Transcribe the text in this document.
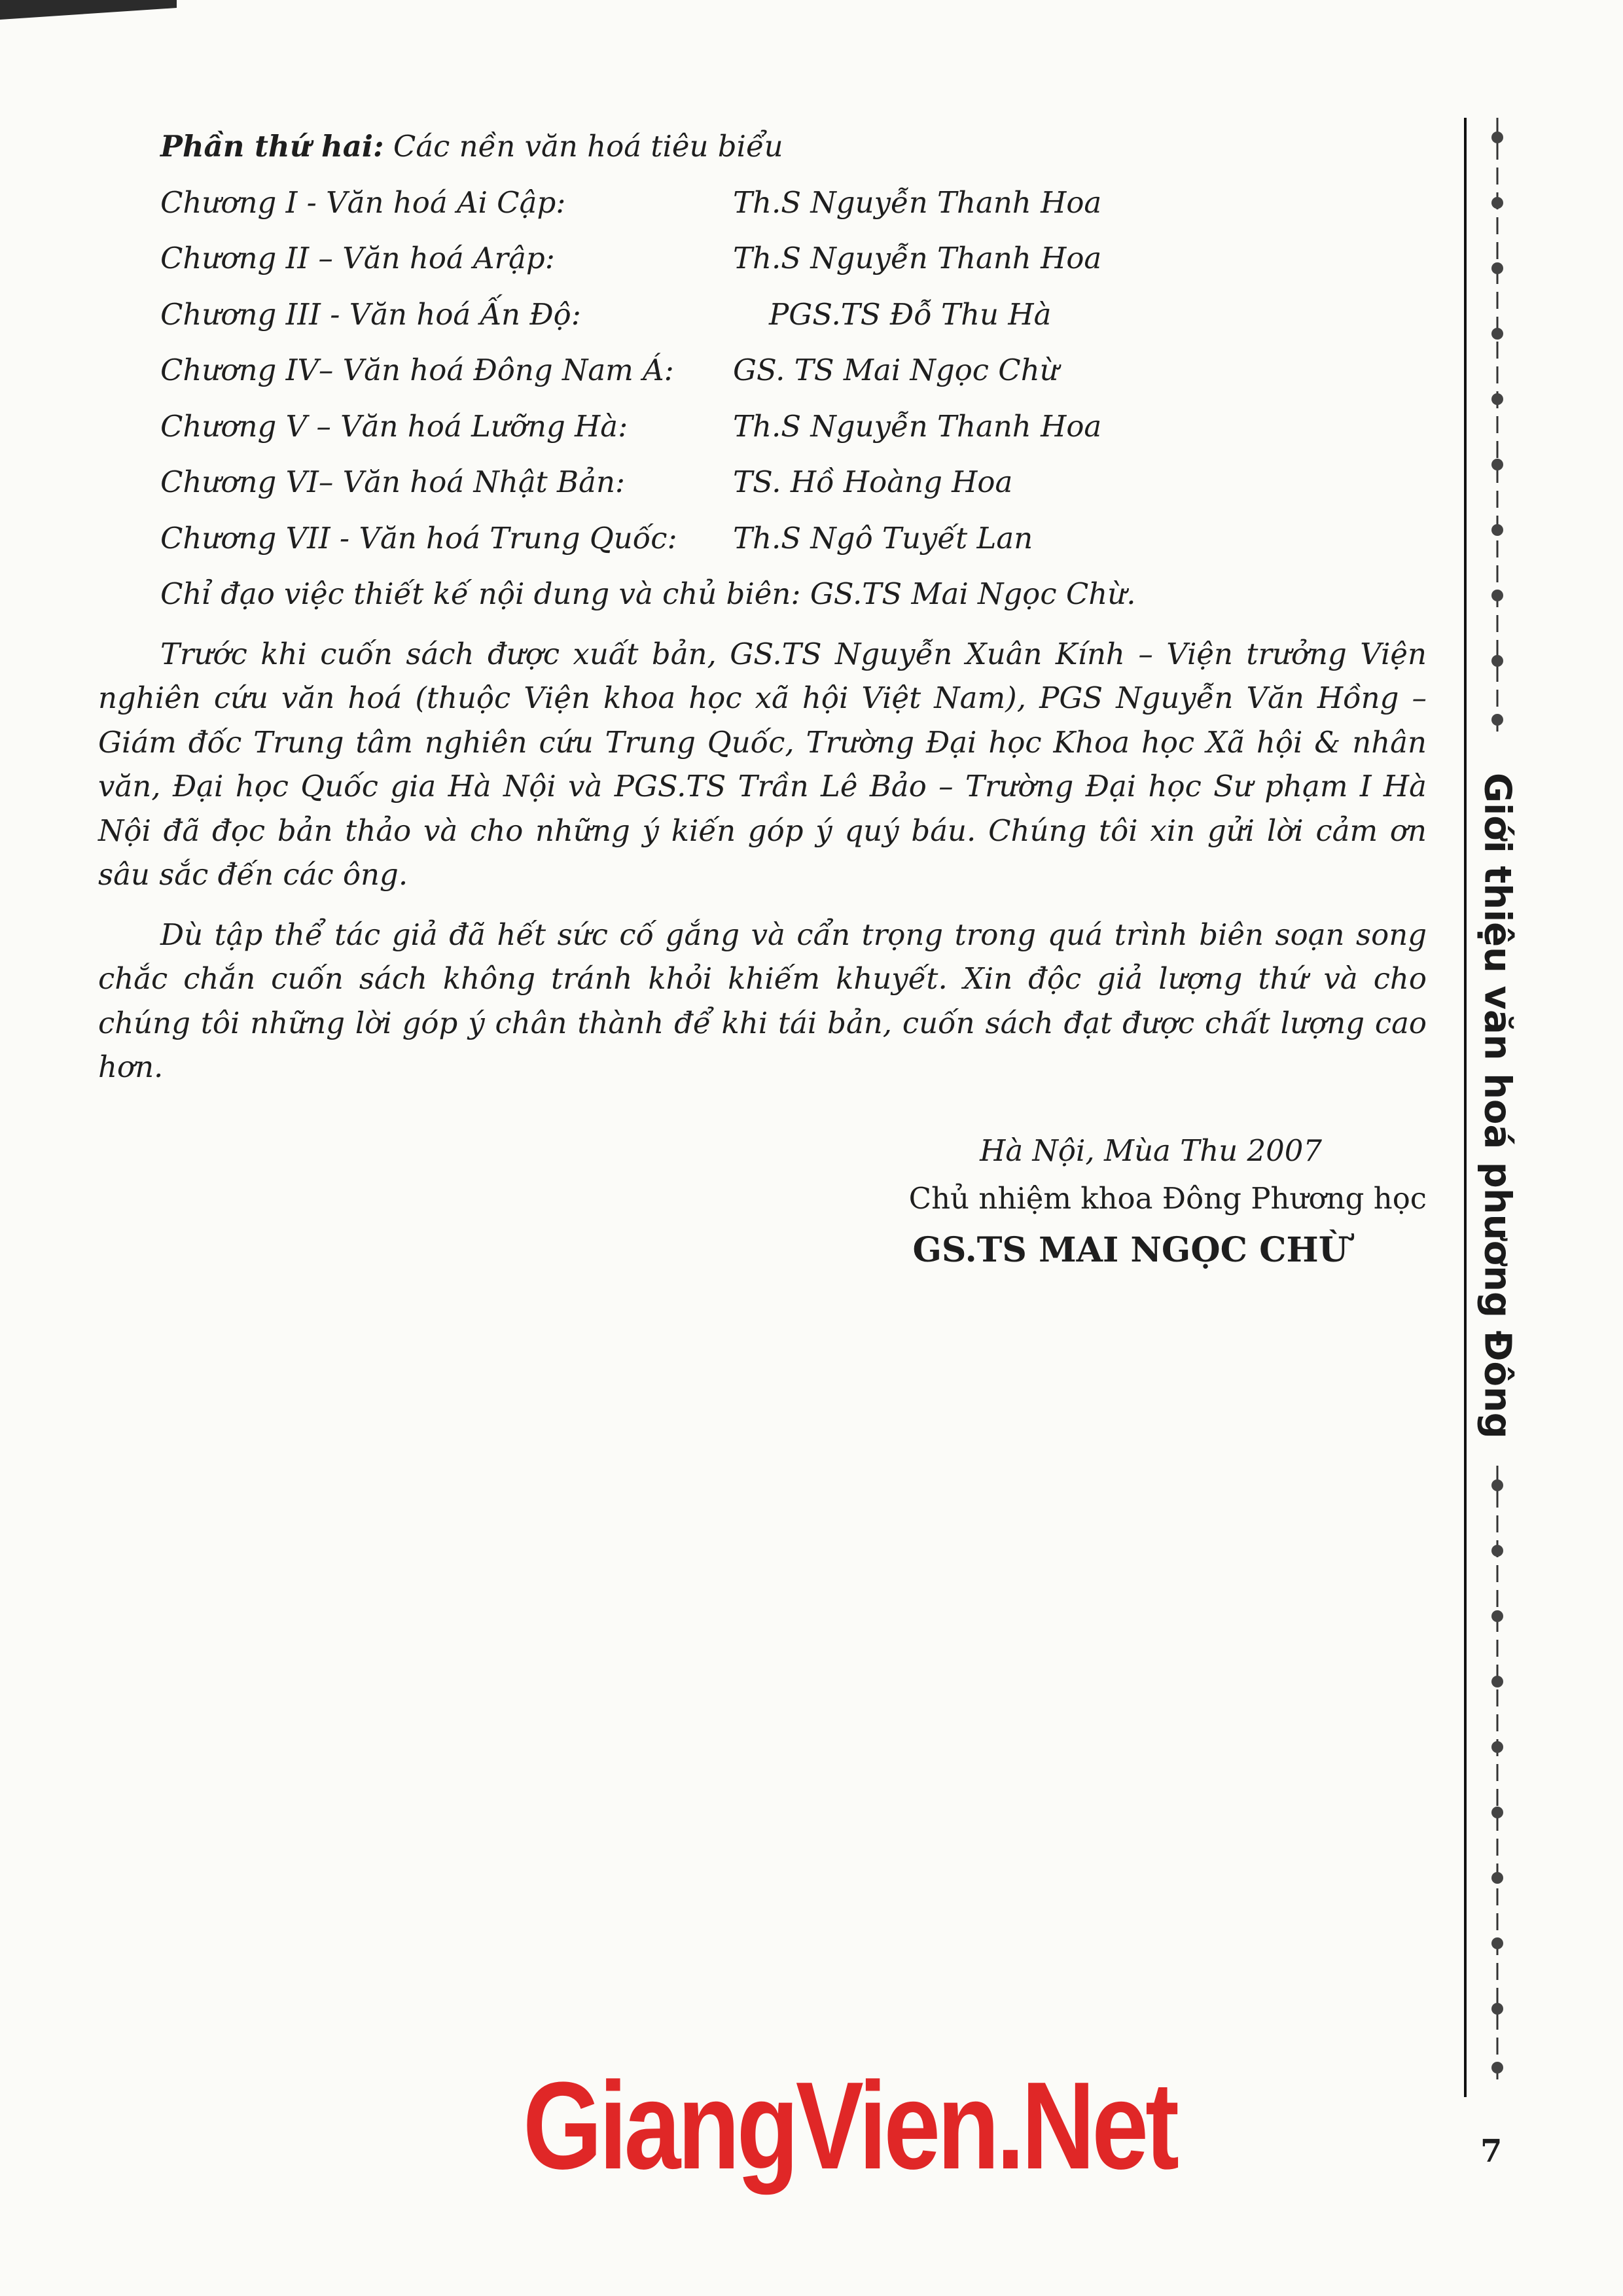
Phần thứ hai: Các nền văn hoá tiêu biểu
Chương I - Văn hoá Ai Cập:	Th.S Nguyễn Thanh Hoa
Chương II – Văn hoá Arập:	Th.S Nguyễn Thanh Hoa
Chương III - Văn hoá Ấn Độ:	PGS.TS Đỗ Thu Hà
Chương IV– Văn hoá Đông Nam Á:	GS. TS Mai Ngọc Chừ
Chương V – Văn hoá Lưỡng Hà:	Th.S Nguyễn Thanh Hoa
Chương VI– Văn hoá Nhật Bản:	TS. Hồ Hoàng Hoa
Chương VII - Văn hoá Trung Quốc:	Th.S Ngô Tuyết Lan
Chỉ đạo việc thiết kế nội dung và chủ biên: GS.TS Mai Ngọc Chừ.

Trước khi cuốn sách được xuất bản, GS.TS Nguyễn Xuân Kính – Viện trưởng Viện nghiên cứu văn hoá (thuộc Viện khoa học xã hội Việt Nam), PGS Nguyễn Văn Hồng – Giám đốc Trung tâm nghiên cứu Trung Quốc, Trường Đại học Khoa học Xã hội & nhân văn, Đại học Quốc gia Hà Nội và PGS.TS Trần Lê Bảo – Trường Đại học Sư phạm I Hà Nội đã đọc bản thảo và cho những ý kiến góp ý quý báu. Chúng tôi xin gửi lời cảm ơn sâu sắc đến các ông.

Dù tập thể tác giả đã hết sức cố gắng và cẩn trọng trong quá trình biên soạn song chắc chắn cuốn sách không tránh khỏi khiếm khuyết. Xin độc giả lượng thứ và cho chúng tôi những lời góp ý chân thành để khi tái bản, cuốn sách đạt được chất lượng cao hơn.

Hà Nội, Mùa Thu 2007
Chủ nhiệm khoa Đông Phương học
GS.TS MAI NGỌC CHỪ	Giới thiệu văn hoá phương Đông
7
GiangVien.Net
